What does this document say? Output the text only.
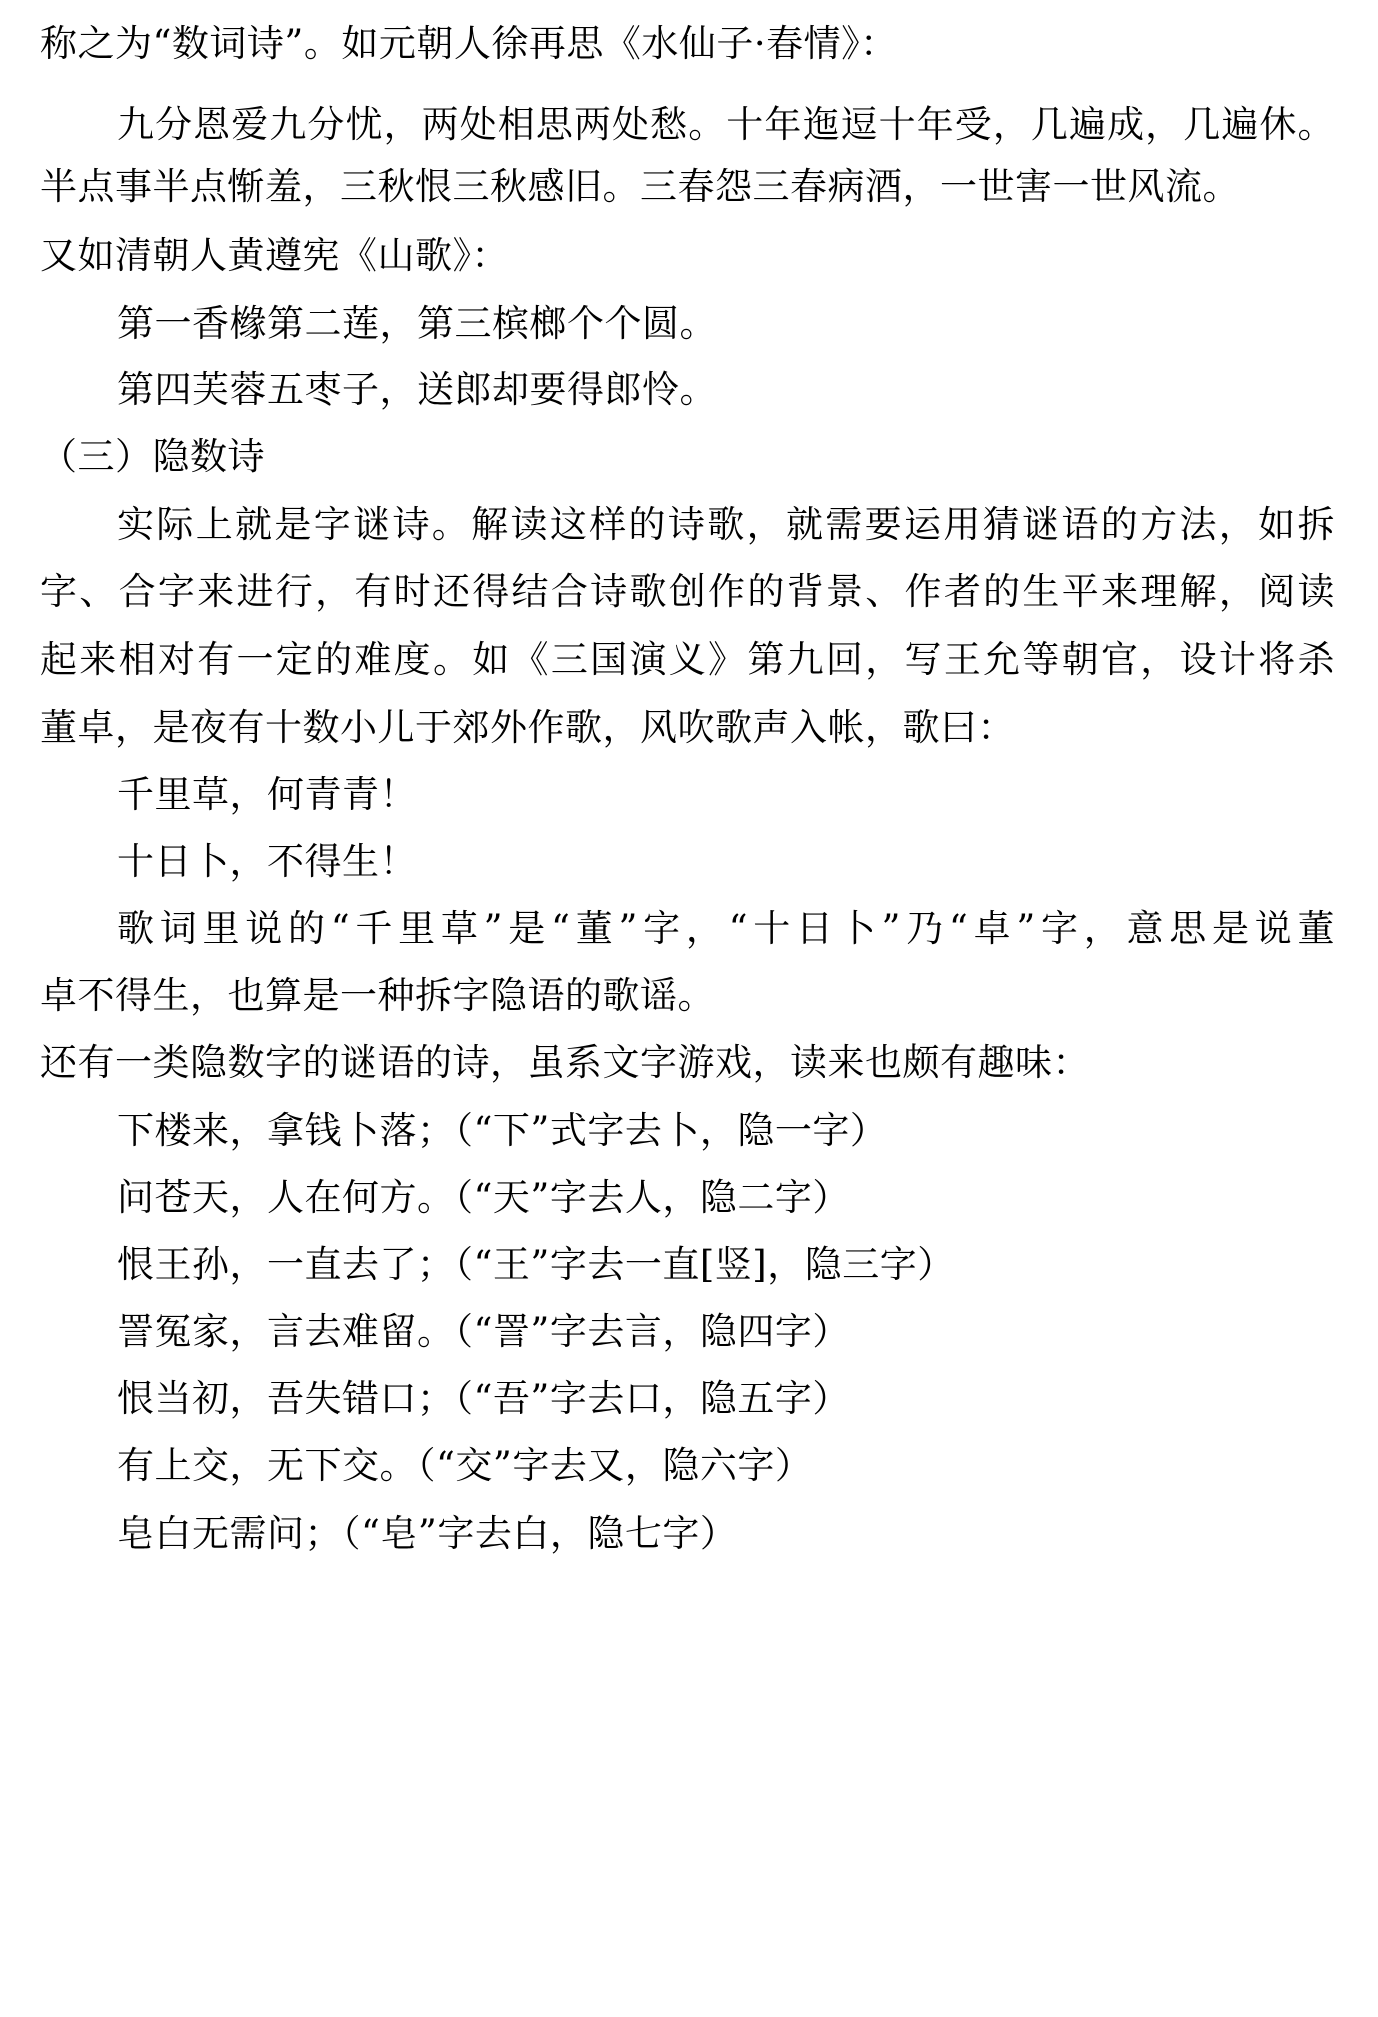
称之为“数词诗”。如元朝人徐再思《水仙子·春情》：
九分恩爱九分忧，两处相思两处愁。十年迤逗十年受，几遍成，几遍休。
半点事半点惭羞，三秋恨三秋感旧。三春怨三春病酒，一世害一世风流。
又如清朝人黄遵宪《山歌》：
第一香橼第二莲，第三槟榔个个圆。
第四芙蓉五枣子，送郎却要得郎怜。
（三）隐数诗
实际上就是字谜诗。解读这样的诗歌，就需要运用猜谜语的方法，如拆
字、合字来进行，有时还得结合诗歌创作的背景、作者的生平来理解，阅读
起来相对有一定的难度。如《三国演义》第九回，写王允等朝官，设计将杀
董卓，是夜有十数小儿于郊外作歌，风吹歌声入帐，歌曰：
千里草，何青青！
十日卜，不得生！
歌词里说的“千里草”是“董”字，“十日卜”乃“卓”字，意思是说董
卓不得生，也算是一种拆字隐语的歌谣。
还有一类隐数字的谜语的诗，虽系文字游戏，读来也颇有趣味：
下楼来，拿钱卜落；（“下”式字去卜，隐一字）
问苍天，人在何方。（“天”字去人，隐二字）
恨王孙，一直去了；（“王”字去一直[竖]，隐三字）
詈冤家，言去难留。（“詈”字去言，隐四字）
恨当初，吾失错口；（“吾”字去口，隐五字）
有上交，无下交。（“交”字去又，隐六字）
皂白无需问；（“皂”字去白，隐七字）
